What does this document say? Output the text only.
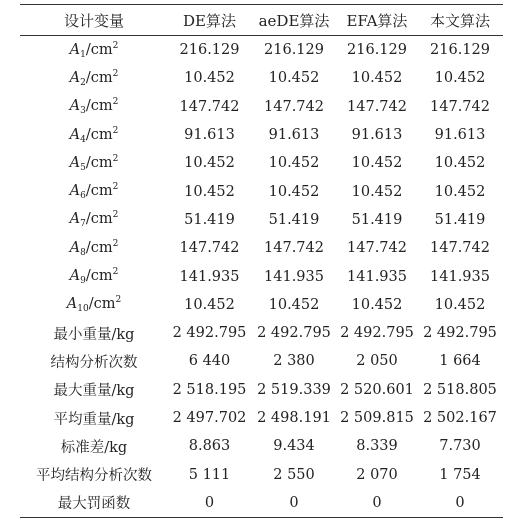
设计变量	DE算法	aeDE算法	EFA算法	本文算法
$A_1/cm^2$	216.129	216.129	216.129	216.129
$A_2/cm^2$	10.452	10.452	10.452	10.452
$A_3/cm^2$	147.742	147.742	147.742	147.742
$A_4/cm^2$	91.613	91.613	91.613	91.613
$A_5/cm^2$	10.452	10.452	10.452	10.452
$A_6/cm^2$	10.452	10.452	10.452	10.452
$A_7/cm^2$	51.419	51.419	51.419	51.419
$A_8/cm^2$	147.742	147.742	147.742	147.742
$A_9/cm^2$	141.935	141.935	141.935	141.935
$A_{10}/cm^2$	10.452	10.452	10.452	10.452
最小重量/kg	2 492.795	2 492.795	2 492.795	2 492.795
结构分析次数	6 440	2 380	2 050	1 664
最大重量/kg	2 518.195	2 519.339	2 520.601	2 518.805
平均重量/kg	2 497.702	2 498.191	2 509.815	2 502.167
标准差/kg	8.863	9.434	8.339	7.730
平均结构分析次数	5 111	2 550	2 070	1 754
最大罚函数	0	0	0	0
